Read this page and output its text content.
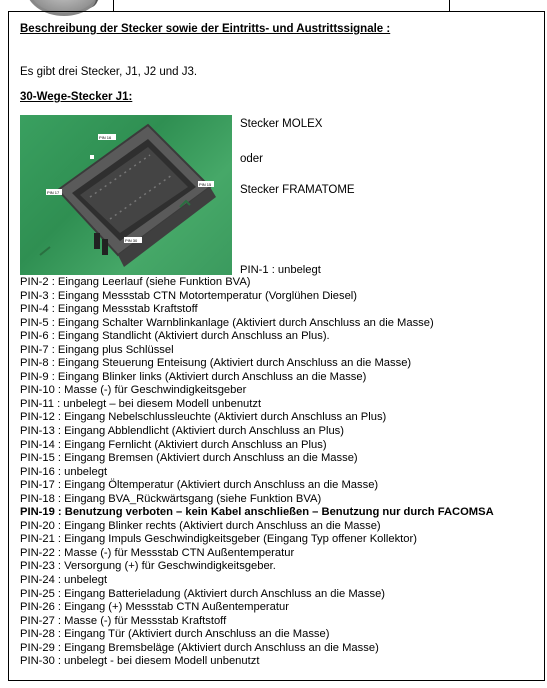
Beschreibung der Stecker sowie der Eintritts- und Austrittssignale :
Es gibt drei Stecker, J1, J2 und J3.
30-Wege-Stecker J1:
PIN 16
PIN 17
PIN 30
PIN 15
Stecker MOLEX
oder
Stecker FRAMATOME
PIN-1 : unbelegt
PIN-2 : Eingang Leerlauf (siehe Funktion BVA)
PIN-3 : Eingang Messstab CTN Motortemperatur (Vorglühen Diesel)
PIN-4 : Eingang Messstab Kraftstoff
PIN-5 : Eingang Schalter Warnblinkanlage (Aktiviert durch Anschluss an die Masse)
PIN-6 : Eingang Standlicht (Aktiviert durch Anschluss an Plus).
PIN-7 : Eingang plus Schlüssel
PIN-8 : Eingang Steuerung Enteisung (Aktiviert durch Anschluss an die Masse)
PIN-9 : Eingang Blinker links (Aktiviert durch Anschluss an die Masse)
PIN-10 : Masse (-) für Geschwindigkeitsgeber
PIN-11 : unbelegt – bei diesem Modell unbenutzt
PIN-12 : Eingang Nebelschlussleuchte (Aktiviert durch Anschluss an Plus)
PIN-13 : Eingang Abblendlicht (Aktiviert durch Anschluss an Plus)
PIN-14 : Eingang Fernlicht (Aktiviert durch Anschluss an Plus)
PIN-15 : Eingang Bremsen (Aktiviert durch Anschluss an die Masse)
PIN-16 : unbelegt
PIN-17 : Eingang Öltemperatur (Aktiviert durch Anschluss an die Masse)
PIN-18 : Eingang BVA_Rückwärtsgang (siehe Funktion BVA)
PIN-19 : Benutzung verboten – kein Kabel anschließen – Benutzung nur durch FACOMSA
PIN-20 : Eingang Blinker rechts (Aktiviert durch Anschluss an die Masse)
PIN-21 : Eingang Impuls Geschwindigkeitsgeber (Eingang Typ offener Kollektor)
PIN-22 : Masse (-) für Messstab CTN Außentemperatur
PIN-23 : Versorgung (+) für Geschwindigkeitsgeber.
PIN-24 : unbelegt
PIN-25 : Eingang Batterieladung (Aktiviert durch Anschluss an die Masse)
PIN-26 : Eingang (+) Messstab CTN Außentemperatur
PIN-27 : Masse (-) für Messstab Kraftstoff
PIN-28 : Eingang Tür (Aktiviert durch Anschluss an die Masse)
PIN-29 : Eingang Bremsbeläge (Aktiviert durch Anschluss an die Masse)
PIN-30 : unbelegt - bei diesem Modell unbenutzt
